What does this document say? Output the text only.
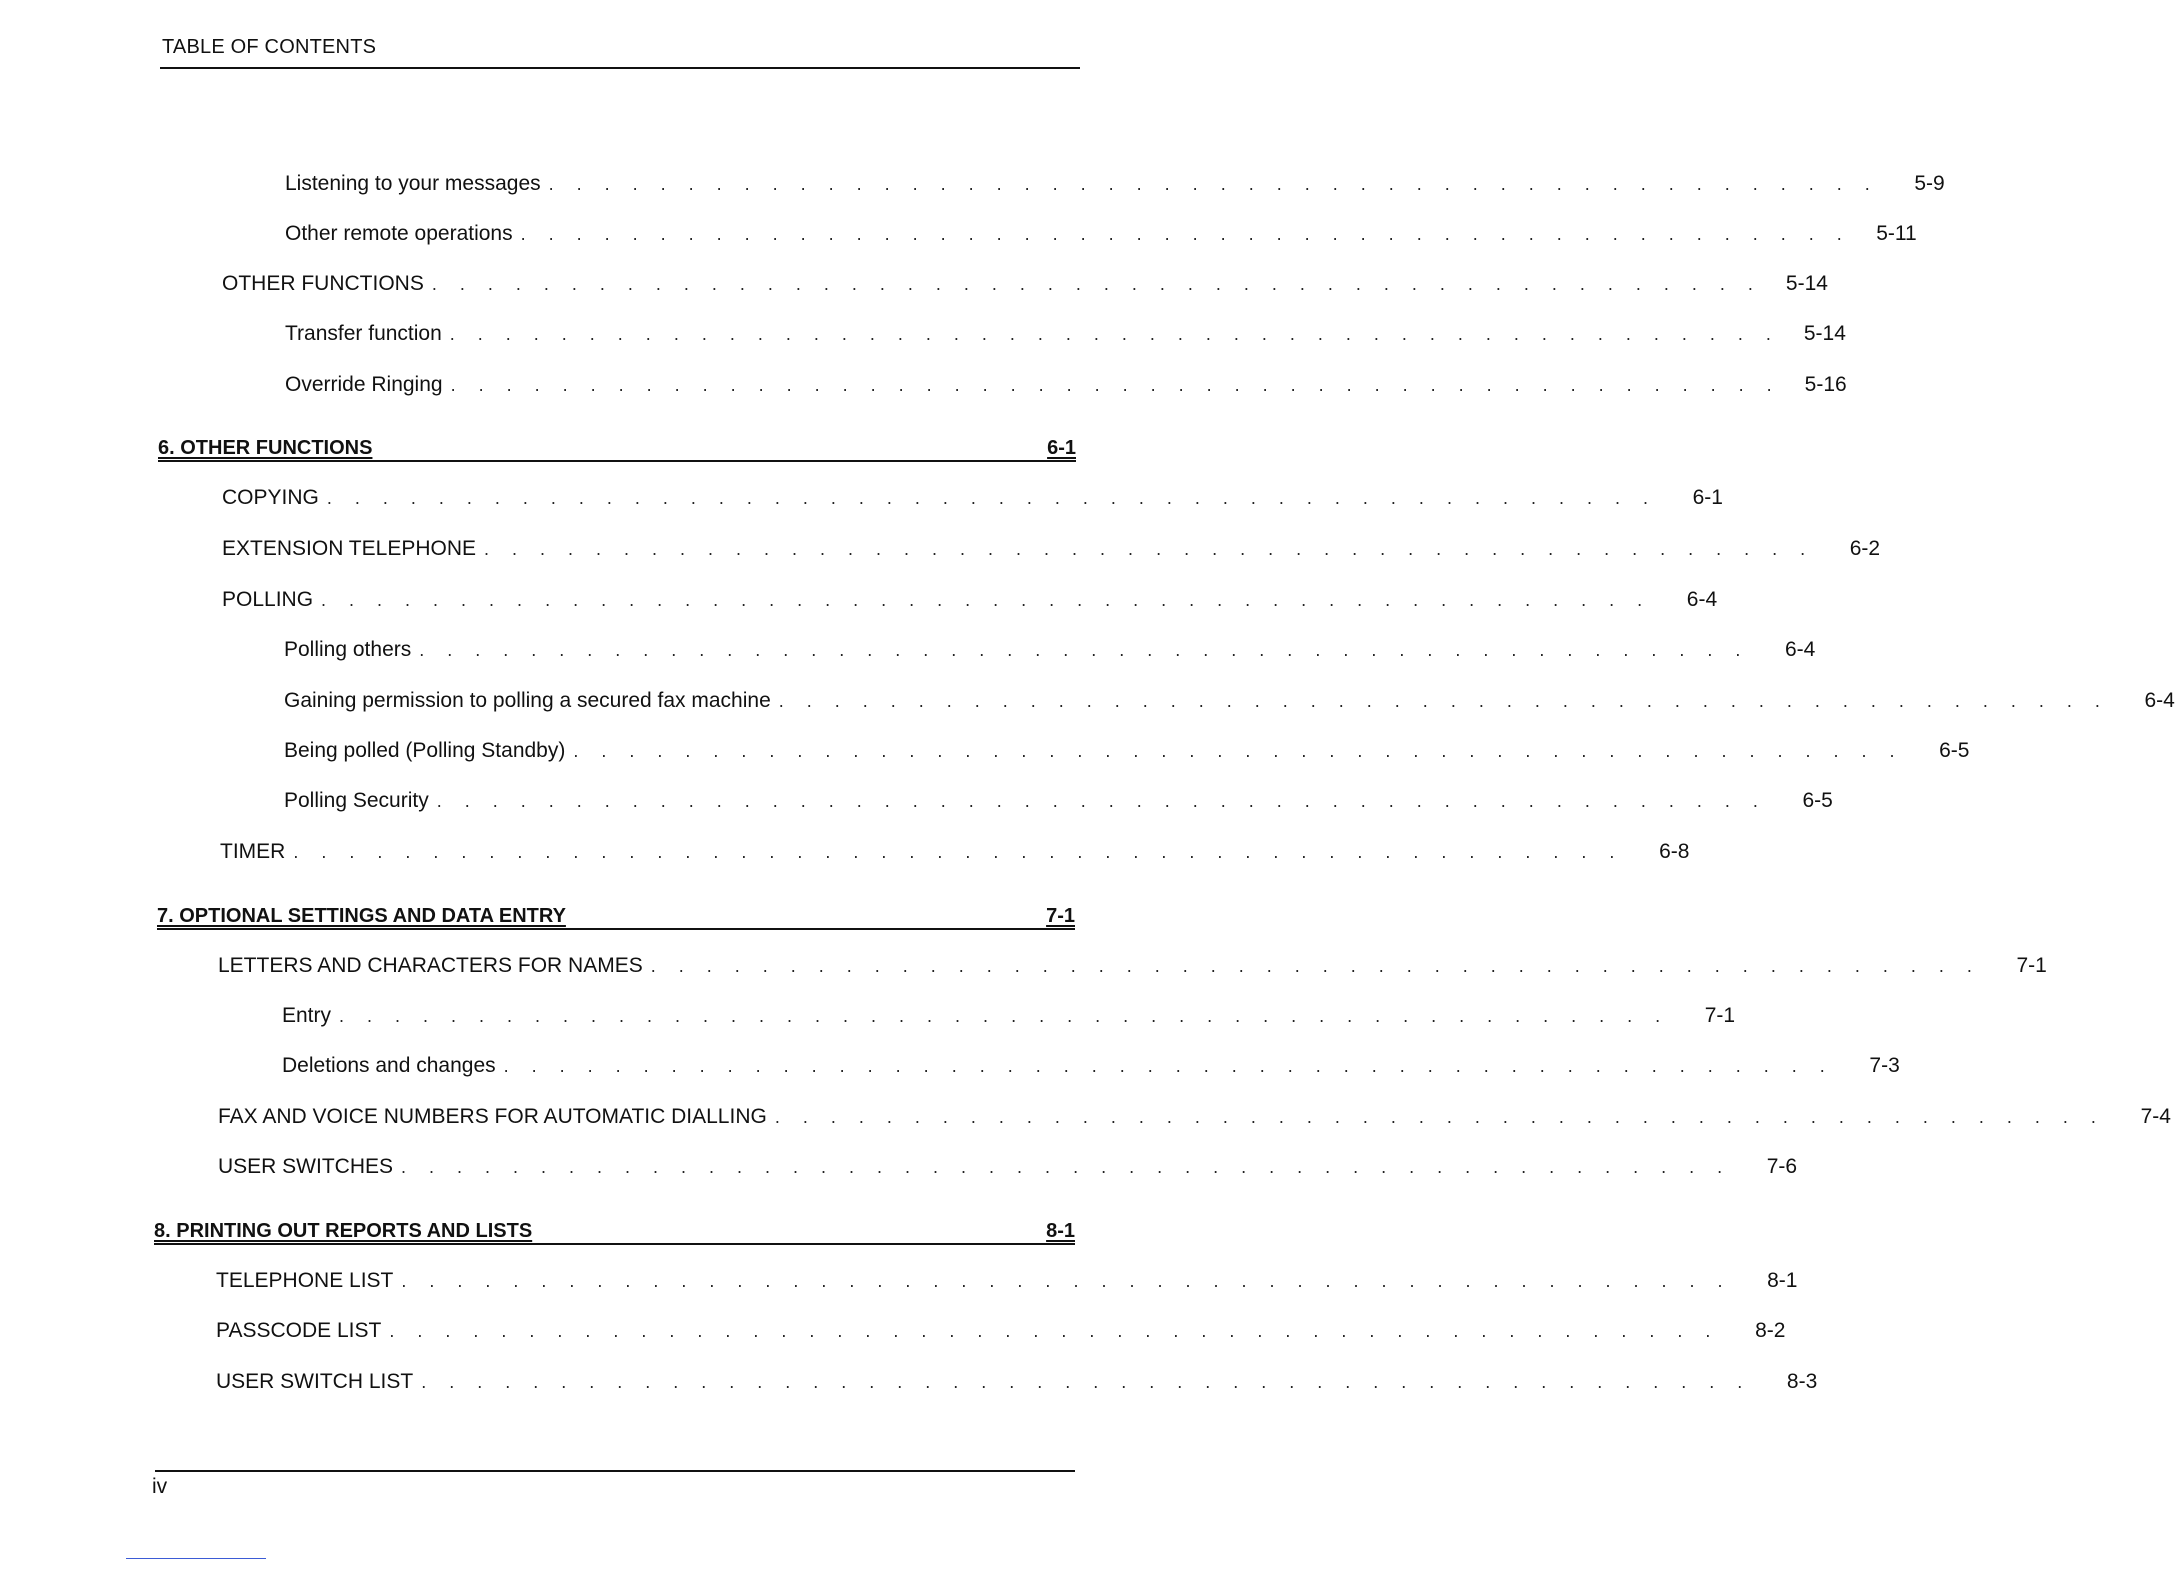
TABLE OF CONTENTS
Listening to your messages . . . . . . . . . . . . . . . . . . . . . . . . . . . . . . . . . . . . . . . . . . . . . . . .	5-9
Other remote operations . . . . . . . . . . . . . . . . . . . . . . . . . . . . . . . . . . . . . . . . . . . . . . . .	5-11
OTHER FUNCTIONS . . . . . . . . . . . . . . . . . . . . . . . . . . . . . . . . . . . . . . . . . . . . . . . .	5-14
Transfer function . . . . . . . . . . . . . . . . . . . . . . . . . . . . . . . . . . . . . . . . . . . . . . . .	5-14
Override Ringing . . . . . . . . . . . . . . . . . . . . . . . . . . . . . . . . . . . . . . . . . . . . . . . .	5-16
6. OTHER FUNCTIONS	6-1
COPYING . . . . . . . . . . . . . . . . . . . . . . . . . . . . . . . . . . . . . . . . . . . . . . . .	6-1
EXTENSION TELEPHONE . . . . . . . . . . . . . . . . . . . . . . . . . . . . . . . . . . . . . . . . . . . . . . . .	6-2
POLLING . . . . . . . . . . . . . . . . . . . . . . . . . . . . . . . . . . . . . . . . . . . . . . . .	6-4
Polling others . . . . . . . . . . . . . . . . . . . . . . . . . . . . . . . . . . . . . . . . . . . . . . . .	6-4
Gaining permission to polling a secured fax machine . . . . . . . . . . . . . . . . . . . . . . . . . . . . . . . . . . . . . . . . . . . . . . . .	6-4
Being polled (Polling Standby) . . . . . . . . . . . . . . . . . . . . . . . . . . . . . . . . . . . . . . . . . . . . . . . .	6-5
Polling Security . . . . . . . . . . . . . . . . . . . . . . . . . . . . . . . . . . . . . . . . . . . . . . . .	6-5
TIMER . . . . . . . . . . . . . . . . . . . . . . . . . . . . . . . . . . . . . . . . . . . . . . . .	6-8
7. OPTIONAL SETTINGS AND DATA ENTRY	7-1
LETTERS AND CHARACTERS FOR NAMES . . . . . . . . . . . . . . . . . . . . . . . . . . . . . . . . . . . . . . . . . . . . . . . .	7-1
Entry . . . . . . . . . . . . . . . . . . . . . . . . . . . . . . . . . . . . . . . . . . . . . . . .	7-1
Deletions and changes . . . . . . . . . . . . . . . . . . . . . . . . . . . . . . . . . . . . . . . . . . . . . . . .	7-3
FAX AND VOICE NUMBERS FOR AUTOMATIC DIALLING . . . . . . . . . . . . . . . . . . . . . . . . . . . . . . . . . . . . . . . . . . . . . . . .	7-4
USER SWITCHES . . . . . . . . . . . . . . . . . . . . . . . . . . . . . . . . . . . . . . . . . . . . . . . .	7-6
8. PRINTING OUT REPORTS AND LISTS	8-1
TELEPHONE LIST . . . . . . . . . . . . . . . . . . . . . . . . . . . . . . . . . . . . . . . . . . . . . . . .	8-1
PASSCODE LIST . . . . . . . . . . . . . . . . . . . . . . . . . . . . . . . . . . . . . . . . . . . . . . . .	8-2
USER SWITCH LIST . . . . . . . . . . . . . . . . . . . . . . . . . . . . . . . . . . . . . . . . . . . . . . . .	8-3
iv
